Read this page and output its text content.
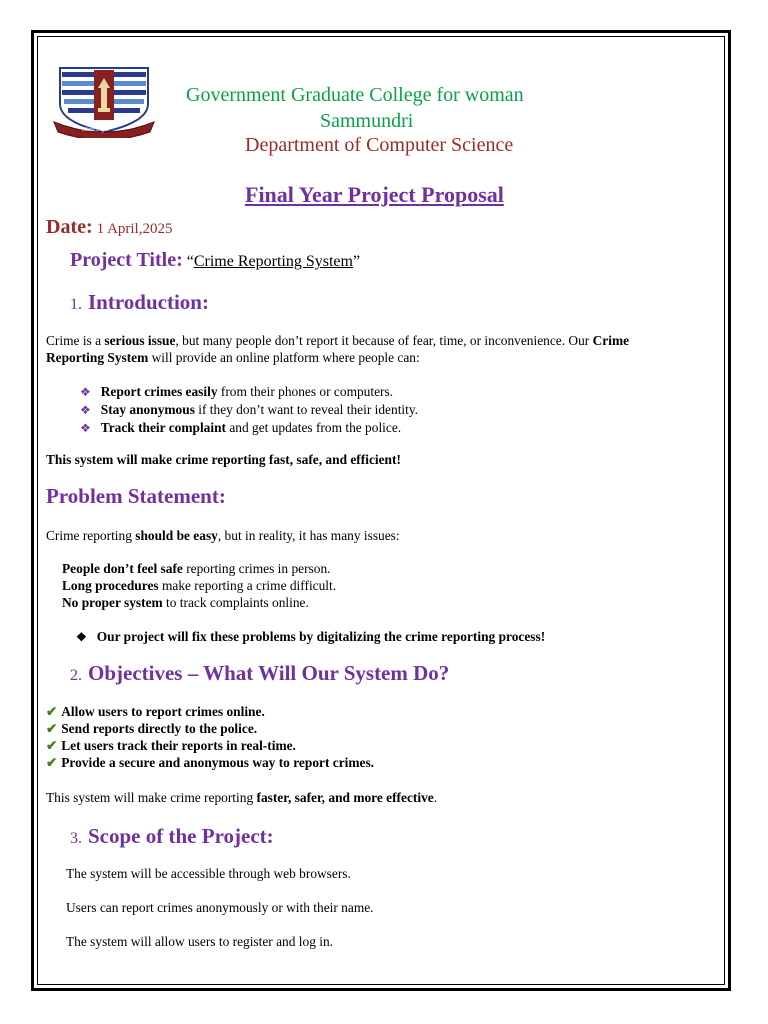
More Light
Government Graduate College for woman
Sammundri
Department of Computer Science
Final Year Project Proposal
Date: 1 April,2025
Project Title: “Crime Reporting System”
1. Introduction:
Crime is a serious issue, but many people don’t report it because of fear, time, or inconvenience. Our Crime
Reporting System will provide an online platform where people can:
❖ Report crimes easily from their phones or computers.
❖ Stay anonymous if they don’t want to reveal their identity.
❖ Track their complaint and get updates from the police.
This system will make crime reporting fast, safe, and efficient!
Problem Statement:
Crime reporting should be easy, but in reality, it has many issues:
People don’t feel safe reporting crimes in person.
Long procedures make reporting a crime difficult.
No proper system to track complaints online.
❖ Our project will fix these problems by digitalizing the crime reporting process!
2. Objectives – What Will Our System Do?
✔ Allow users to report crimes online.
✔ Send reports directly to the police.
✔ Let users track their reports in real-time.
✔ Provide a secure and anonymous way to report crimes.
This system will make crime reporting faster, safer, and more effective.
3. Scope of the Project:
The system will be accessible through web browsers.
Users can report crimes anonymously or with their name.
The system will allow users to register and log in.
